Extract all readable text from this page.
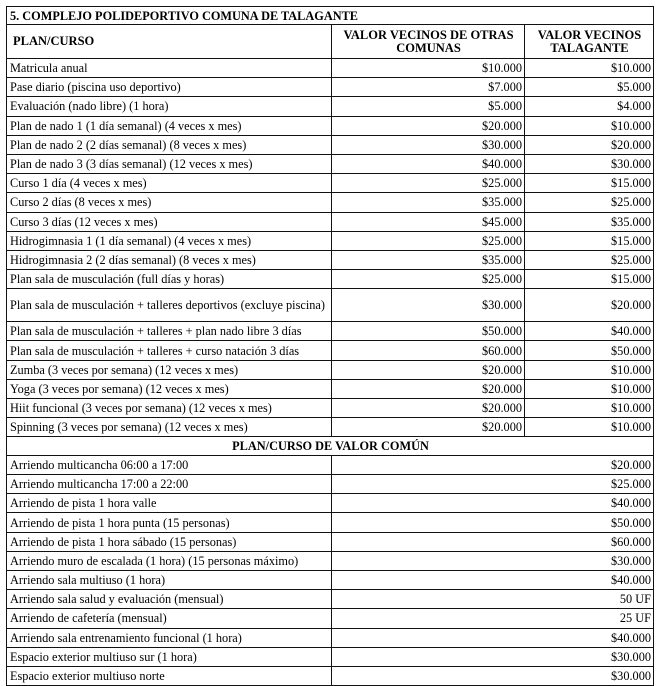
5. COMPLEJO POLIDEPORTIVO COMUNA DE TALAGANTE		
PLAN/CURSO	VALOR VECINOS DE OTRAS COMUNAS	VALOR VECINOS TALAGANTE
Matricula anual	$10.000	$10.000
Pase diario (piscina uso deportivo)	$7.000	$5.000
Evaluación (nado libre) (1 hora)	$5.000	$4.000
Plan de nado 1 (1 día semanal) (4 veces x mes)	$20.000	$10.000
Plan de nado 2 (2 días semanal) (8 veces x mes)	$30.000	$20.000
Plan de nado 3 (3 días semanal) (12 veces x mes)	$40.000	$30.000
Curso 1 día (4 veces x mes)	$25.000	$15.000
Curso 2 días (8 veces x mes)	$35.000	$25.000
Curso 3 días (12 veces x mes)	$45.000	$35.000
Hidrogimnasia 1 (1 día semanal) (4 veces x mes)	$25.000	$15.000
Hidrogimnasia 2 (2 días semanal) (8 veces x mes)	$35.000	$25.000
Plan sala de musculación (full días y horas)	$25.000	$15.000
Plan sala de musculación + talleres deportivos (excluye piscina)	$30.000	$20.000
Plan sala de musculación + talleres + plan nado libre 3 días	$50.000	$40.000
Plan sala de musculación + talleres + curso natación 3 días	$60.000	$50.000
Zumba (3 veces por semana) (12 veces x mes)	$20.000	$10.000
Yoga (3 veces por semana) (12 veces x mes)	$20.000	$10.000
Hiit funcional (3 veces por semana) (12 veces x mes)	$20.000	$10.000
Spinning (3 veces por semana) (12 veces x mes)	$20.000	$10.000
PLAN/CURSO DE VALOR COMÚN		
Arriendo multicancha 06:00 a 17:00	$20.000	
Arriendo multicancha 17:00 a 22:00	$25.000	
Arriendo de pista 1 hora valle	$40.000	
Arriendo de pista 1 hora punta (15 personas)	$50.000	
Arriendo de pista 1 hora sábado (15 personas)	$60.000	
Arriendo muro de escalada (1 hora) (15 personas máximo)	$30.000	
Arriendo sala multiuso (1 hora)	$40.000	
Arriendo sala salud y evaluación (mensual)	50 UF	
Arriendo de cafetería (mensual)	25 UF	
Arriendo sala entrenamiento funcional (1 hora)	$40.000	
Espacio exterior multiuso sur (1 hora)	$30.000	
Espacio exterior multiuso norte	$30.000	
